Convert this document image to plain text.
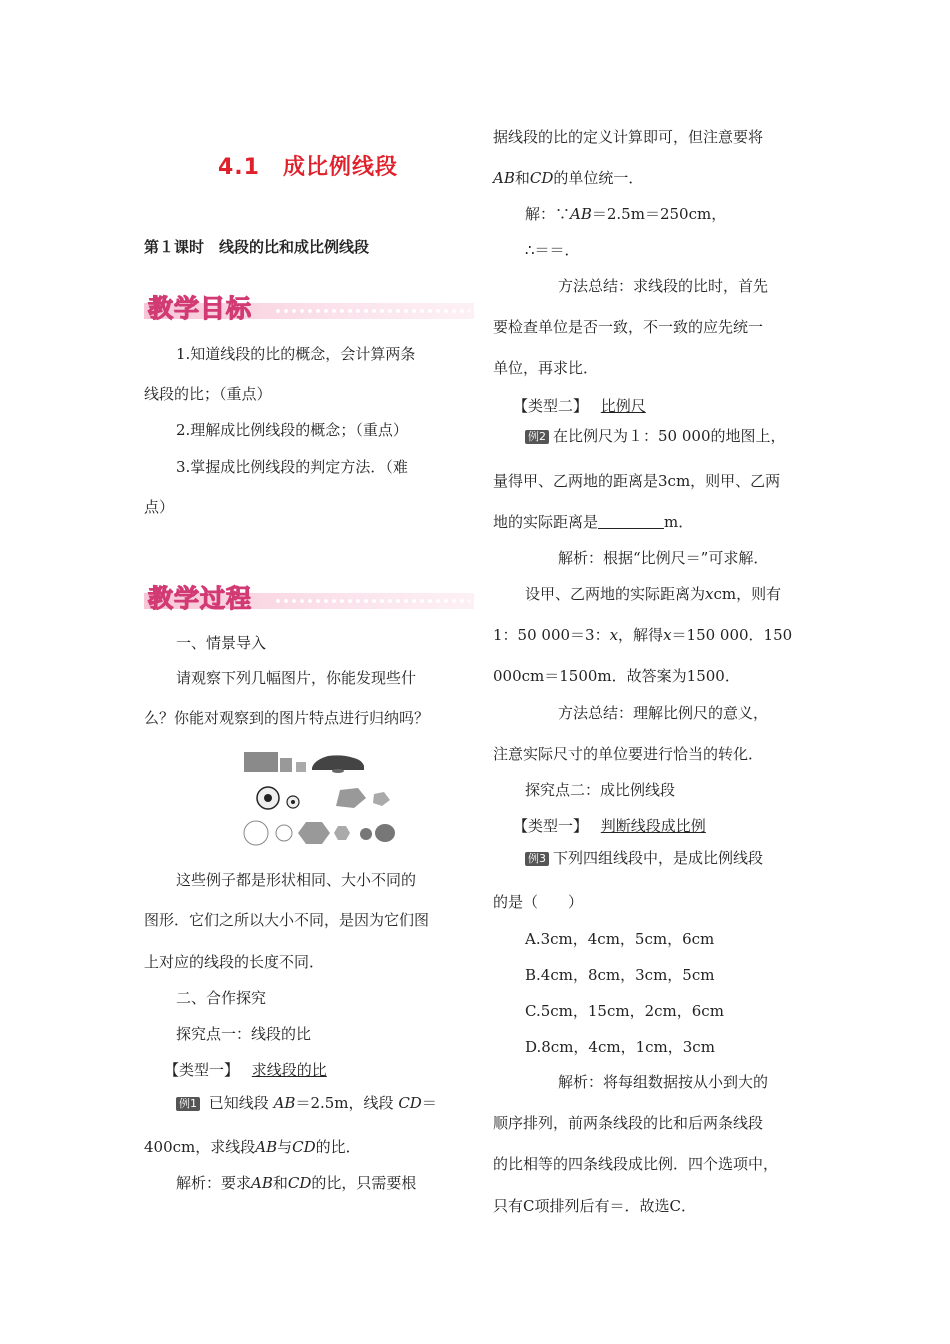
4.1　成比例线段
第１课时　线段的比和成比例线段
教学目标
1.知道线段的比的概念，会计算两条
线段的比；（重点）
2.理解成比例线段的概念；（重点）
3.掌握成比例线段的判定方法．（难
点）
教学过程
一、情景导入
请观察下列几幅图片，你能发现些什
么？你能对观察到的图片特点进行归纳吗？
这些例子都是形状相同、大小不同的
图形．它们之所以大小不同，是因为它们图
上对应的线段的长度不同．
二、合作探究
探究点一：线段的比
【类型一】 求线段的比
例1 已知线段 AB＝2.5m，线段 CD＝
400cm，求线段AB与CD的比．
解析：要求AB和CD的比，只需要根
据线段的比的定义计算即可，但注意要将
AB和CD的单位统一．
解：∵AB＝2.5m＝250cm，
∴＝＝．
方法总结：求线段的比时，首先
要检查单位是否一致，不一致的应先统一
单位，再求比．
【类型二】 比例尺
例2 在比例尺为１：50 000的地图上，
量得甲、乙两地的距离是3cm，则甲、乙两
地的实际距离是	m．
解析：根据“比例尺＝”可求解．
设甲、乙两地的实际距离为xcm，则有
1：50 000＝3：x，解得x＝150 000．150
000cm＝1500m．故答案为1500．
方法总结：理解比例尺的意义，
注意实际尺寸的单位要进行恰当的转化．
探究点二：成比例线段
【类型一】 判断线段成比例
例3 下列四组线段中，是成比例线段
的是（　　）
A.3cm，4cm，5cm，6cm
B.4cm，8cm，3cm，5cm
C.5cm，15cm，2cm，6cm
D.8cm，4cm，1cm，3cm
解析：将每组数据按从小到大的
顺序排列，前两条线段的比和后两条线段
的比相等的四条线段成比例．四个选项中，
只有C项排列后有＝．故选C．
